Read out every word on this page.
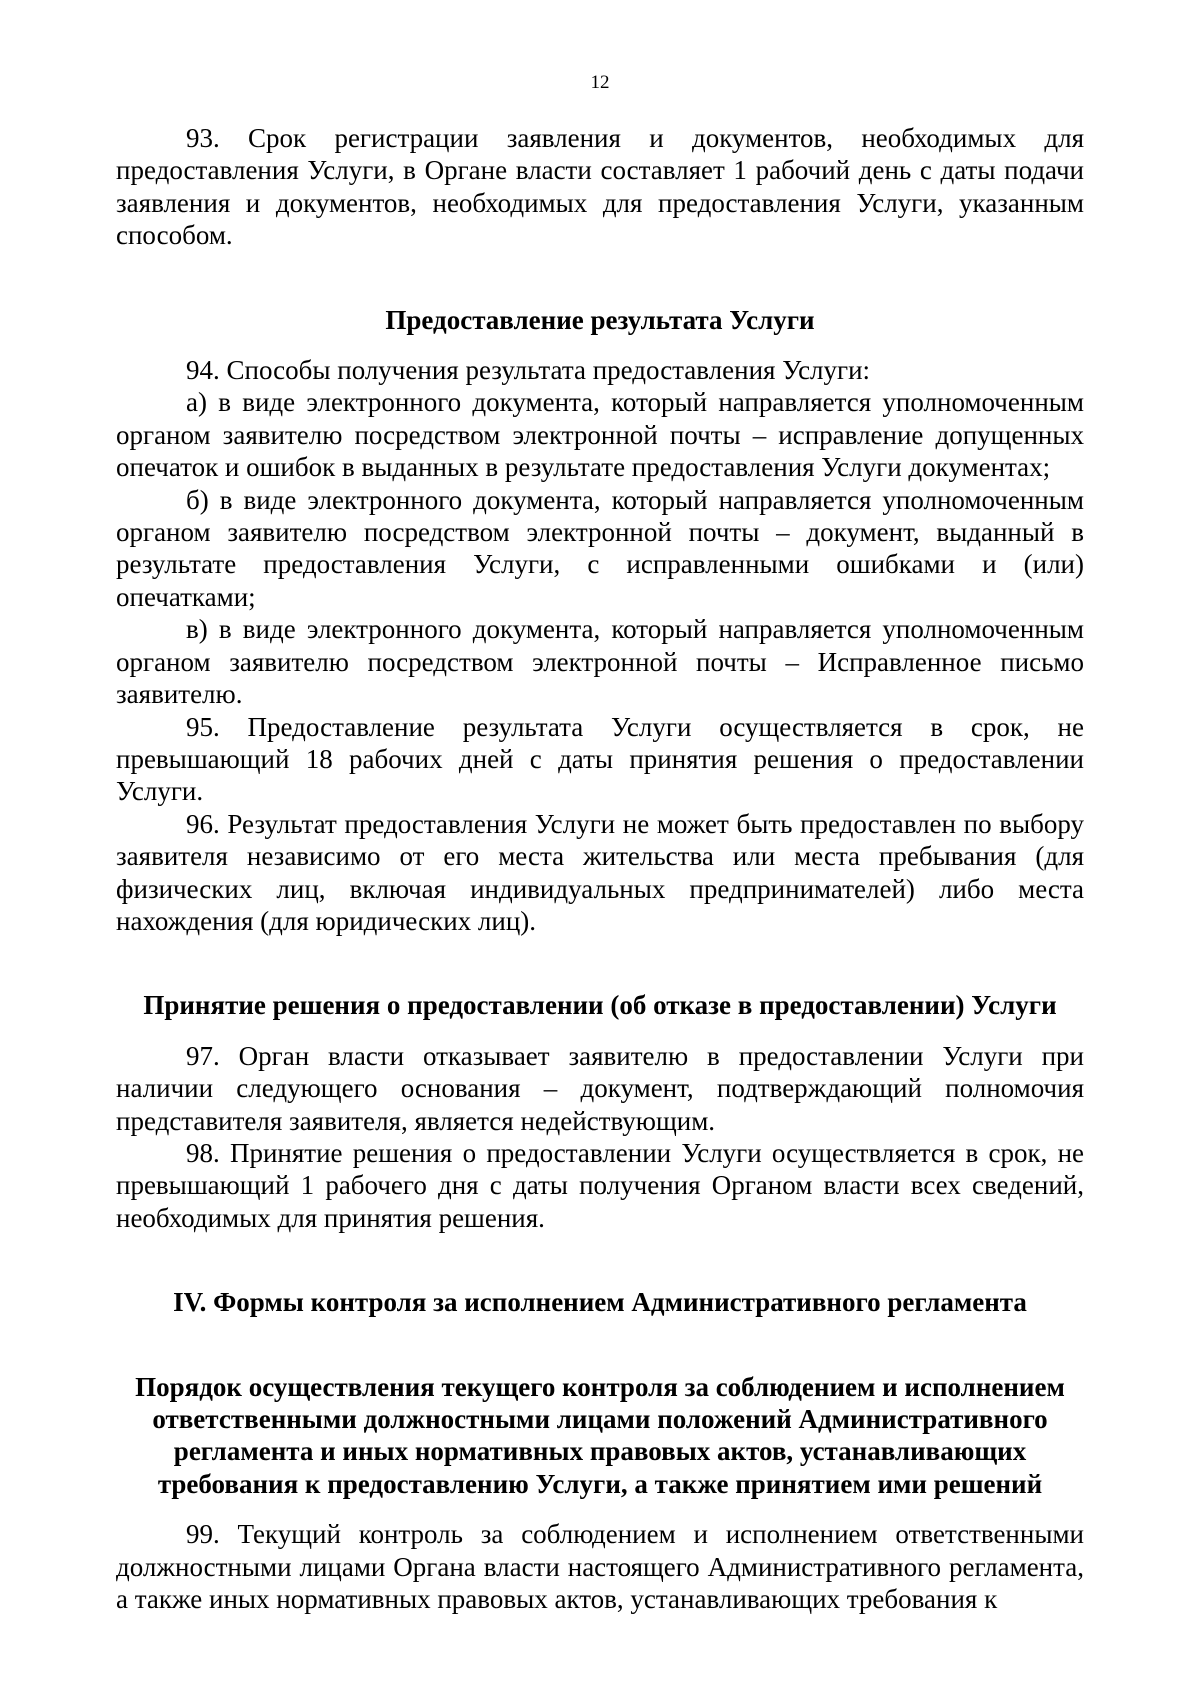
12

93. Срок регистрации заявления и документов, необходимых для предоставления Услуги, в Органе власти составляет 1 рабочий день с даты подачи заявления и документов, необходимых для предоставления Услуги, указанным способом.

Предоставление результата Услуги

94. Способы получения результата предоставления Услуги:

а) в виде электронного документа, который направляется уполномоченным органом заявителю посредством электронной почты – исправление допущенных опечаток и ошибок в выданных в результате предоставления Услуги документах;

б) в виде электронного документа, который направляется уполномоченным органом заявителю посредством электронной почты – документ, выданный в результате предоставления Услуги, с исправленными ошибками и (или) опечатками;

в) в виде электронного документа, который направляется уполномоченным органом заявителю посредством электронной почты – Исправленное письмо заявителю.

95. Предоставление результата Услуги осуществляется в срок, не превышающий 18 рабочих дней с даты принятия решения о предоставлении Услуги.

96. Результат предоставления Услуги не может быть предоставлен по выбору заявителя независимо от его места жительства или места пребывания (для физических лиц, включая индивидуальных предпринимателей) либо места нахождения (для юридических лиц).

Принятие решения о предоставлении (об отказе в предоставлении) Услуги

97. Орган власти отказывает заявителю в предоставлении Услуги при наличии следующего основания – документ, подтверждающий полномочия представителя заявителя, является недействующим.

98. Принятие решения о предоставлении Услуги осуществляется в срок, не превышающий 1 рабочего дня с даты получения Органом власти всех сведений, необходимых для принятия решения.

IV. Формы контроля за исполнением Административного регламента

Порядок осуществления текущего контроля за соблюдением и исполнением

ответственными должностными лицами положений Административного

регламента и иных нормативных правовых актов, устанавливающих

требования к предоставлению Услуги, а также принятием ими решений

99. Текущий контроль за соблюдением и исполнением ответственными должностными лицами Органа власти настоящего Административного регламента, а также иных нормативных правовых актов, устанавливающих требования к
